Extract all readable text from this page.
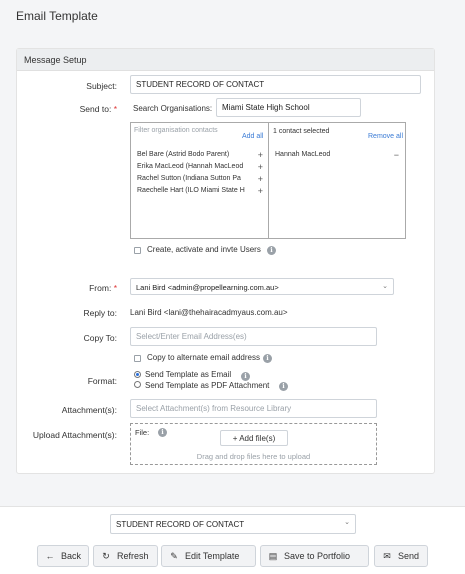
Email Template
Message Setup
Subject:	STUDENT RECORD OF CONTACT
Send to: * Search Organisations:	Miami State High School
Filter organisation contacts
Add all
Bel Bare (Astrid Bodo Parent)	+
Erika MacLeod (Hannah MacLeod +
Rachel Sutton (Indiana Sutton Pa +
Raechelle Hart (ILO Miami State H +
1 contact selected
Remove all
Hannah MacLeod	−
Create, activate and invte Users	i
From: *	Lani Bird <admin@propellearning.com.au>	⌄
Reply to: Lani Bird <lani@thehairacadmyaus.com.au>
Copy To:	Select/Enter Email Address(es)
Copy to alternate email address i
Format:
Send Template as Email	i
Send Template as PDF Attachment	i
Attachment(s):	Select Attachment(s) from Resource Library
Upload Attachment(s): File:	i
+ Add file(s)
Drag and drop files here to upload
STUDENT RECORD OF CONTACT	⌄
← Back	↻ Refresh	✎ Edit Template	▤ Save to Portfolio	✉ Send
